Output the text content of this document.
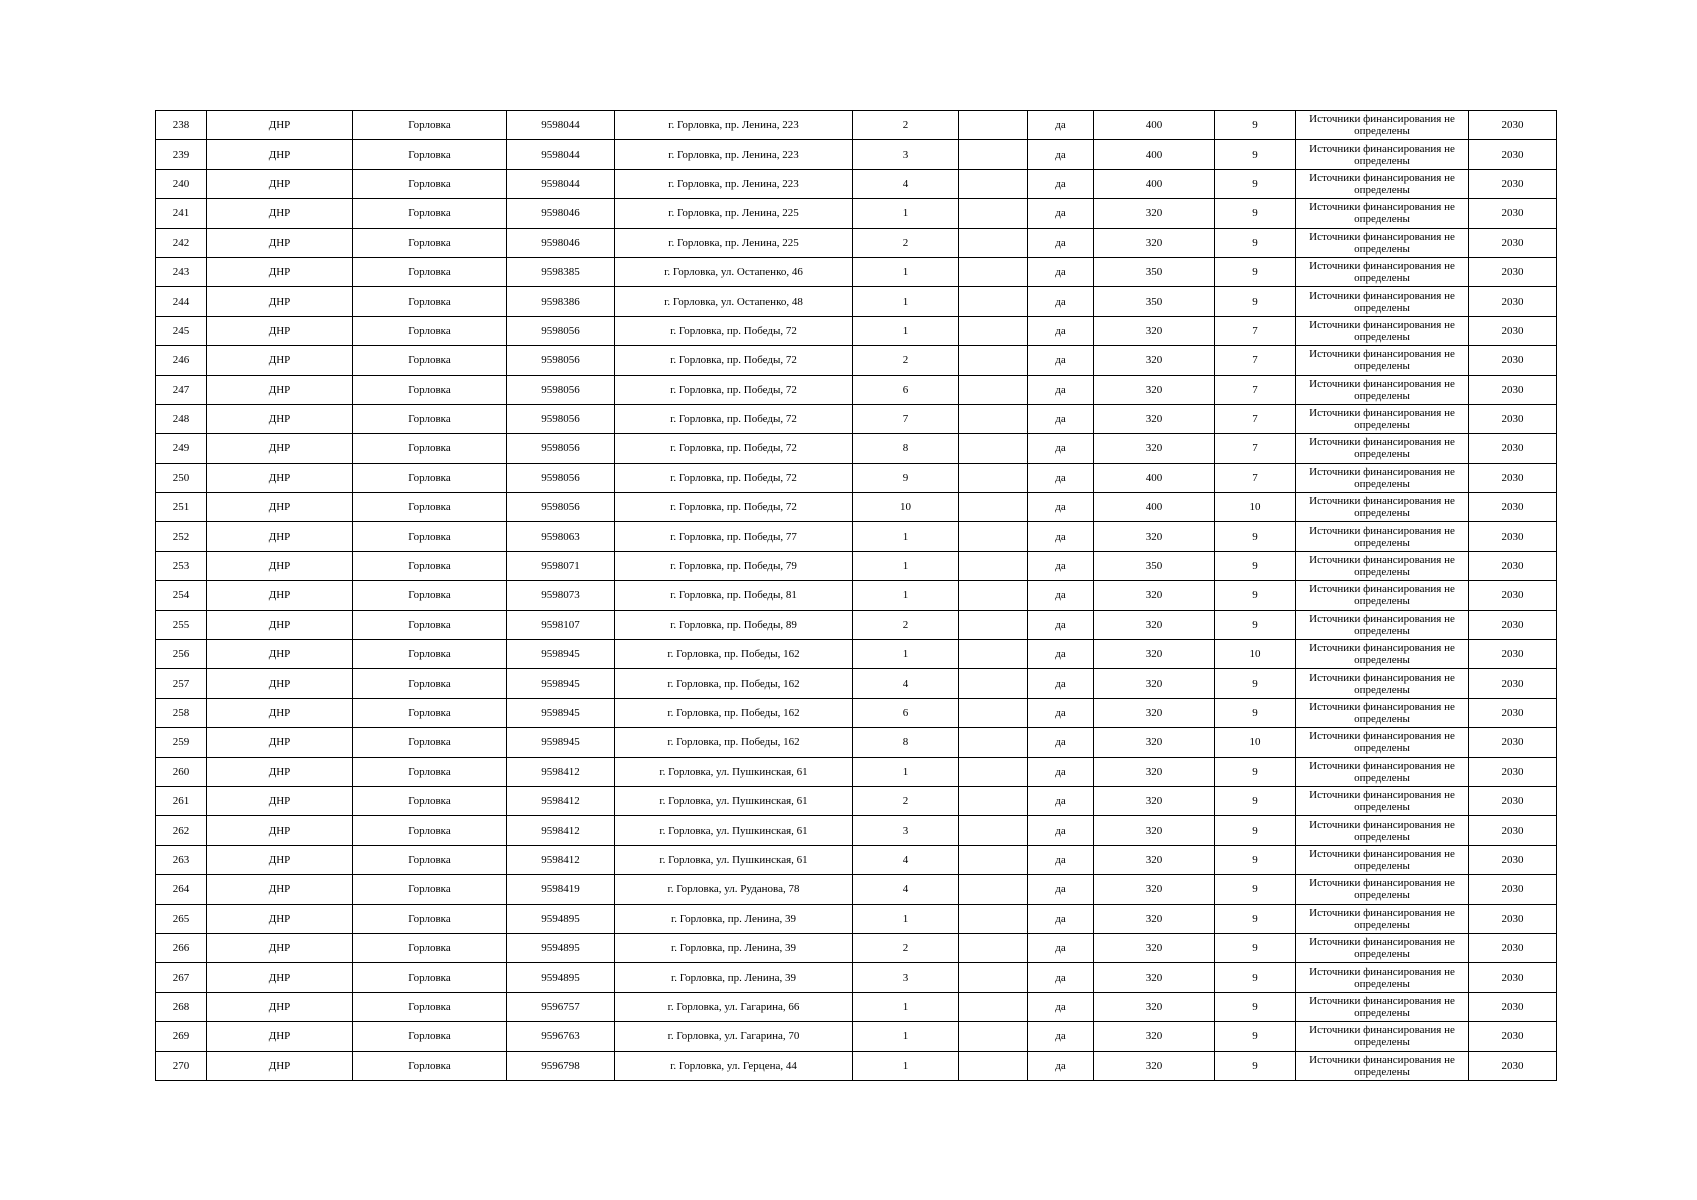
238	ДНР	Горловка	9598044	г. Горловка, пр. Ленина, 223	2		да	400	9	Источники финансирования не определены	2030
239	ДНР	Горловка	9598044	г. Горловка, пр. Ленина, 223	3		да	400	9	Источники финансирования не определены	2030
240	ДНР	Горловка	9598044	г. Горловка, пр. Ленина, 223	4		да	400	9	Источники финансирования не определены	2030
241	ДНР	Горловка	9598046	г. Горловка, пр. Ленина, 225	1		да	320	9	Источники финансирования не определены	2030
242	ДНР	Горловка	9598046	г. Горловка, пр. Ленина, 225	2		да	320	9	Источники финансирования не определены	2030
243	ДНР	Горловка	9598385	г. Горловка, ул. Остапенко, 46	1		да	350	9	Источники финансирования не определены	2030
244	ДНР	Горловка	9598386	г. Горловка, ул. Остапенко, 48	1		да	350	9	Источники финансирования не определены	2030
245	ДНР	Горловка	9598056	г. Горловка, пр. Победы, 72	1		да	320	7	Источники финансирования не определены	2030
246	ДНР	Горловка	9598056	г. Горловка, пр. Победы, 72	2		да	320	7	Источники финансирования не определены	2030
247	ДНР	Горловка	9598056	г. Горловка, пр. Победы, 72	6		да	320	7	Источники финансирования не определены	2030
248	ДНР	Горловка	9598056	г. Горловка, пр. Победы, 72	7		да	320	7	Источники финансирования не определены	2030
249	ДНР	Горловка	9598056	г. Горловка, пр. Победы, 72	8		да	320	7	Источники финансирования не определены	2030
250	ДНР	Горловка	9598056	г. Горловка, пр. Победы, 72	9		да	400	7	Источники финансирования не определены	2030
251	ДНР	Горловка	9598056	г. Горловка, пр. Победы, 72	10		да	400	10	Источники финансирования не определены	2030
252	ДНР	Горловка	9598063	г. Горловка, пр. Победы, 77	1		да	320	9	Источники финансирования не определены	2030
253	ДНР	Горловка	9598071	г. Горловка, пр. Победы, 79	1		да	350	9	Источники финансирования не определены	2030
254	ДНР	Горловка	9598073	г. Горловка, пр. Победы, 81	1		да	320	9	Источники финансирования не определены	2030
255	ДНР	Горловка	9598107	г. Горловка, пр. Победы, 89	2		да	320	9	Источники финансирования не определены	2030
256	ДНР	Горловка	9598945	г. Горловка, пр. Победы, 162	1		да	320	10	Источники финансирования не определены	2030
257	ДНР	Горловка	9598945	г. Горловка, пр. Победы, 162	4		да	320	9	Источники финансирования не определены	2030
258	ДНР	Горловка	9598945	г. Горловка, пр. Победы, 162	6		да	320	9	Источники финансирования не определены	2030
259	ДНР	Горловка	9598945	г. Горловка, пр. Победы, 162	8		да	320	10	Источники финансирования не определены	2030
260	ДНР	Горловка	9598412	г. Горловка, ул. Пушкинская, 61	1		да	320	9	Источники финансирования не определены	2030
261	ДНР	Горловка	9598412	г. Горловка, ул. Пушкинская, 61	2		да	320	9	Источники финансирования не определены	2030
262	ДНР	Горловка	9598412	г. Горловка, ул. Пушкинская, 61	3		да	320	9	Источники финансирования не определены	2030
263	ДНР	Горловка	9598412	г. Горловка, ул. Пушкинская, 61	4		да	320	9	Источники финансирования не определены	2030
264	ДНР	Горловка	9598419	г. Горловка, ул. Руданова, 78	4		да	320	9	Источники финансирования не определены	2030
265	ДНР	Горловка	9594895	г. Горловка, пр. Ленина, 39	1		да	320	9	Источники финансирования не определены	2030
266	ДНР	Горловка	9594895	г. Горловка, пр. Ленина, 39	2		да	320	9	Источники финансирования не определены	2030
267	ДНР	Горловка	9594895	г. Горловка, пр. Ленина, 39	3		да	320	9	Источники финансирования не определены	2030
268	ДНР	Горловка	9596757	г. Горловка, ул. Гагарина, 66	1		да	320	9	Источники финансирования не определены	2030
269	ДНР	Горловка	9596763	г. Горловка, ул. Гагарина, 70	1		да	320	9	Источники финансирования не определены	2030
270	ДНР	Горловка	9596798	г. Горловка, ул. Герцена, 44	1		да	320	9	Источники финансирования не определены	2030
